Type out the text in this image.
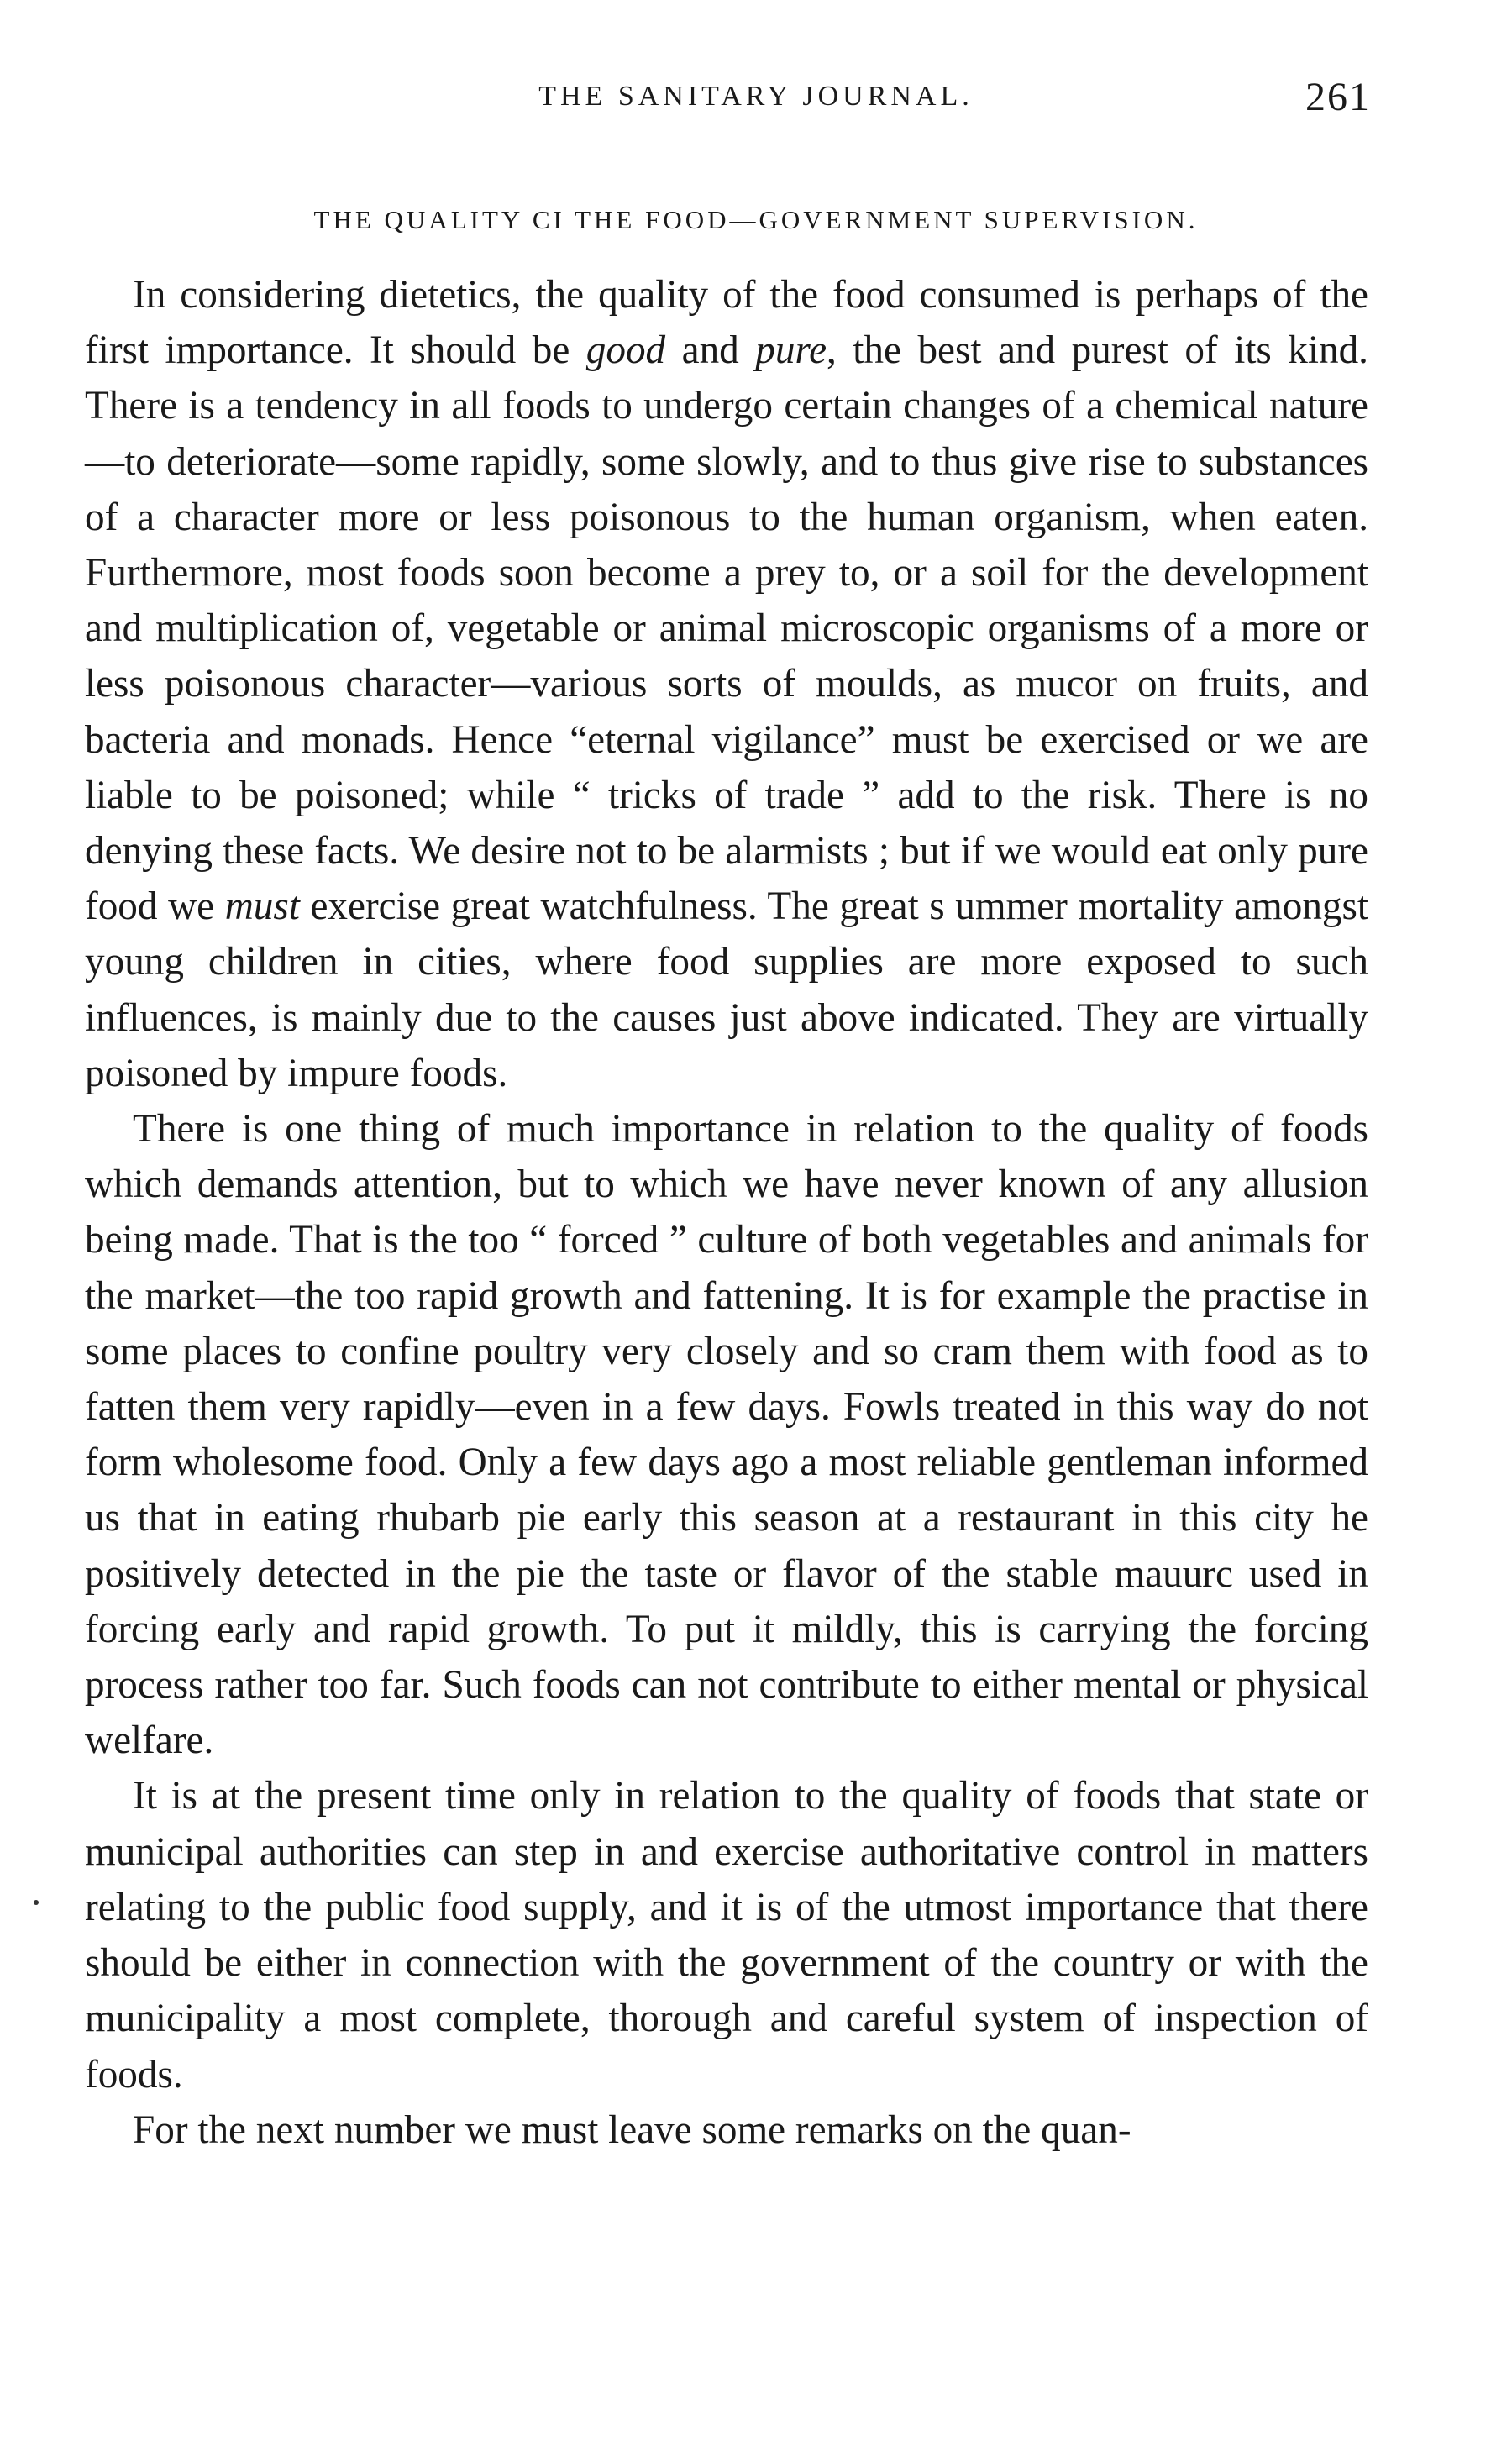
THE SANITARY JOURNAL.	261
THE QUALITY CI THE FOOD—GOVERNMENT SUPERVISION.

In considering dietetics, the quality of the food consumed is perhaps of the first importance. It should be good and pure, the best and purest of its kind. There is a tendency in all foods to undergo certain changes of a chemical nature—to deteriorate—some rapidly, some slowly, and to thus give rise to substances of a character more or less poisonous to the human organism, when eaten. Furthermore, most foods soon become a prey to, or a soil for the development and multiplication of, vegetable or animal microscopic organisms of a more or less poisonous character—various sorts of moulds, as mucor on fruits, and bacteria and monads. Hence “eternal vigilance” must be exercised or we are liable to be poisoned; while “ tricks of trade ” add to the risk. There is no denying these facts. We desire not to be alarmists ; but if we would eat only pure food we must exercise great watchfulness. The great s ummer mortality amongst young children in cities, where food supplies are more exposed to such influences, is mainly due to the causes just above indicated. They are virtually poisoned by impure foods.

There is one thing of much importance in relation to the quality of foods which demands attention, but to which we have never known of any allusion being made. That is the too “ forced ” culture of both vegetables and animals for the market—the too rapid growth and fattening. It is for example the practise in some places to confine poultry very closely and so cram them with food as to fatten them very rapidly—even in a few days. Fowls treated in this way do not form wholesome food. Only a few days ago a most reliable gentleman informed us that in eating rhubarb pie early this season at a restaurant in this city he positively detected in the pie the taste or flavor of the stable mauurc used in forcing early and rapid growth. To put it mildly, this is carrying the forcing process rather too far. Such foods can not contribute to either mental or physical welfare.

It is at the present time only in relation to the quality of foods that state or municipal authorities can step in and exercise authoritative control in matters relating to the public food supply, and it is of the utmost importance that there should be either in connection with the government of the country or with the municipality a most complete, thorough and careful system of inspection of foods.

For the next number we must leave some remarks on the quan-
